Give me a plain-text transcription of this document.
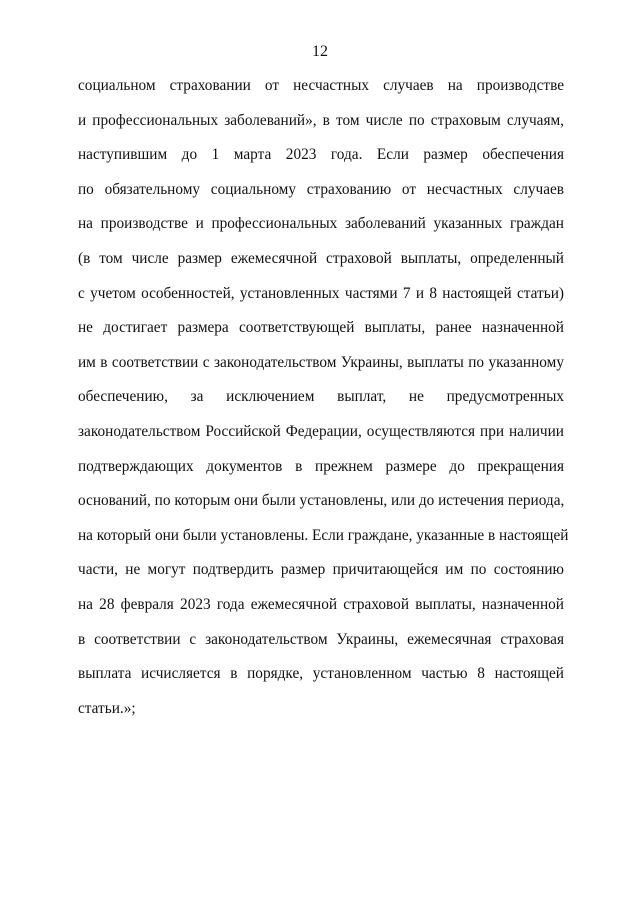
12
социальном страховании от несчастных случаев на производстве
и профессиональных заболеваний», в том числе по страховым случаям,
наступившим до 1 марта 2023 года. Если размер обеспечения
по обязательному социальному страхованию от несчастных случаев
на производстве и профессиональных заболеваний указанных граждан
(в том числе размер ежемесячной страховой выплаты, определенный
с учетом особенностей, установленных частями 7 и 8 настоящей статьи)
не достигает размера соответствующей выплаты, ранее назначенной
им в соответствии с законодательством Украины, выплаты по указанному
обеспечению, за исключением выплат, не предусмотренных
законодательством Российской Федерации, осуществляются при наличии
подтверждающих документов в прежнем размере до прекращения
оснований, по которым они были установлены, или до истечения периода,
на который они были установлены. Если граждане, указанные в настоящей
части, не могут подтвердить размер причитающейся им по состоянию
на 28 февраля 2023 года ежемесячной страховой выплаты, назначенной
в соответствии с законодательством Украины, ежемесячная страховая
выплата исчисляется в порядке, установленном частью 8 настоящей
статьи.»;
